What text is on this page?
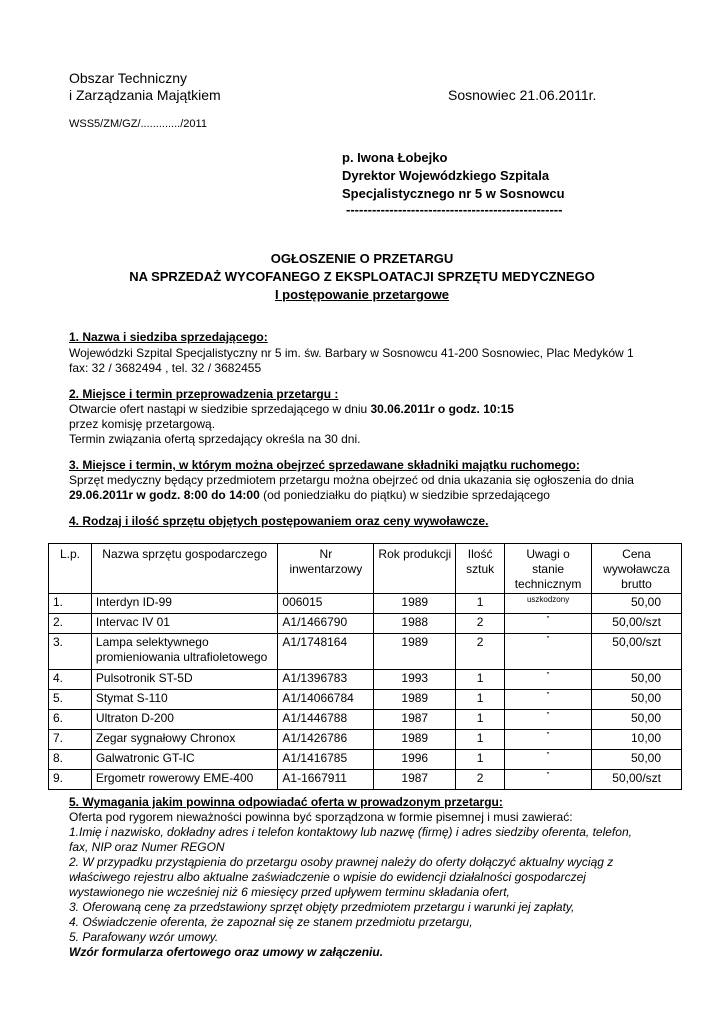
Obszar Techniczny
i Zarządzania Majątkiem	Sosnowiec 21.06.2011r.
WSS5/ZM/GZ/............./2011
p. Iwona Łobejko
Dyrektor Wojewódzkiego Szpitala
Specjalistycznego nr 5 w Sosnowcu
--------------------------------------------------
OGŁOSZENIE O PRZETARGU
NA SPRZEDAŻ WYCOFANEGO Z EKSPLOATACJI SPRZĘTU MEDYCZNEGO
I postępowanie przetargowe
1. Nazwa i siedziba sprzedającego:
Wojewódzki Szpital Specjalistyczny nr 5 im. św. Barbary w Sosnowcu 41-200 Sosnowiec, Plac Medyków 1
fax: 32 / 3682494 , tel. 32 / 3682455
2. Miejsce i termin przeprowadzenia przetargu :
Otwarcie ofert nastąpi w siedzibie sprzedającego w dniu 30.06.2011r o godz. 10:15
przez komisję przetargową.
Termin związania ofertą sprzedający określa na 30 dni.
3. Miejsce i termin, w którym można obejrzeć sprzedawane składniki majątku ruchomego:
Sprzęt medyczny będący przedmiotem przetargu można obejrzeć od dnia ukazania się ogłoszenia do dnia
29.06.2011r w godz. 8:00 do 14:00 (od poniedziałku do piątku) w siedzibie sprzedającego
4. Rodzaj i ilość sprzętu objętych postępowaniem oraz ceny wywoławcze.
L.p.	Nazwa sprzętu gospodarczego	Nr inwentarzowy	Rok produkcji	Ilość sztuk	Uwagi o stanie technicznym	Cena wywoławcza brutto
1.	Interdyn ID-99	006015	1989	1	uszkodzony	50,00
2.	Intervac IV 01	A1/1466790	1988	2	"	50,00/szt
3.	Lampa selektywnego promieniowania ultrafioletowego	A1/1748164	1989	2	"	50,00/szt
4.	Pulsotronik ST-5D	A1/1396783	1993	1	"	50,00
5.	Stymat S-110	A1/14066784	1989	1	"	50,00
6.	Ultraton D-200	A1/1446788	1987	1	"	50,00
7.	Zegar sygnałowy Chronox	A1/1426786	1989	1	"	10,00
8.	Galwatronic GT-IC	A1/1416785	1996	1	"	50,00
9.	Ergometr rowerowy EME-400	A1-1667911	1987	2	"	50,00/szt
5. Wymagania jakim powinna odpowiadać oferta w prowadzonym przetargu:
Oferta pod rygorem nieważności powinna być sporządzona w formie pisemnej i musi zawierać:
1.Imię i nazwisko, dokładny adres i telefon kontaktowy lub nazwę (firmę) i adres siedziby oferenta, telefon,
fax, NIP oraz Numer REGON
2. W przypadku przystąpienia do przetargu osoby prawnej należy do oferty dołączyć aktualny wyciąg z
właściwego rejestru albo aktualne zaświadczenie o wpisie do ewidencji działalności gospodarczej
wystawionego nie wcześniej niż 6 miesięcy przed upływem terminu składania ofert,
3. Oferowaną cenę za przedstawiony sprzęt objęty przedmiotem przetargu i warunki jej zapłaty,
4. Oświadczenie oferenta, że zapoznał się ze stanem przedmiotu przetargu,
5. Parafowany wzór umowy.
Wzór formularza ofertowego oraz umowy w załączeniu.
